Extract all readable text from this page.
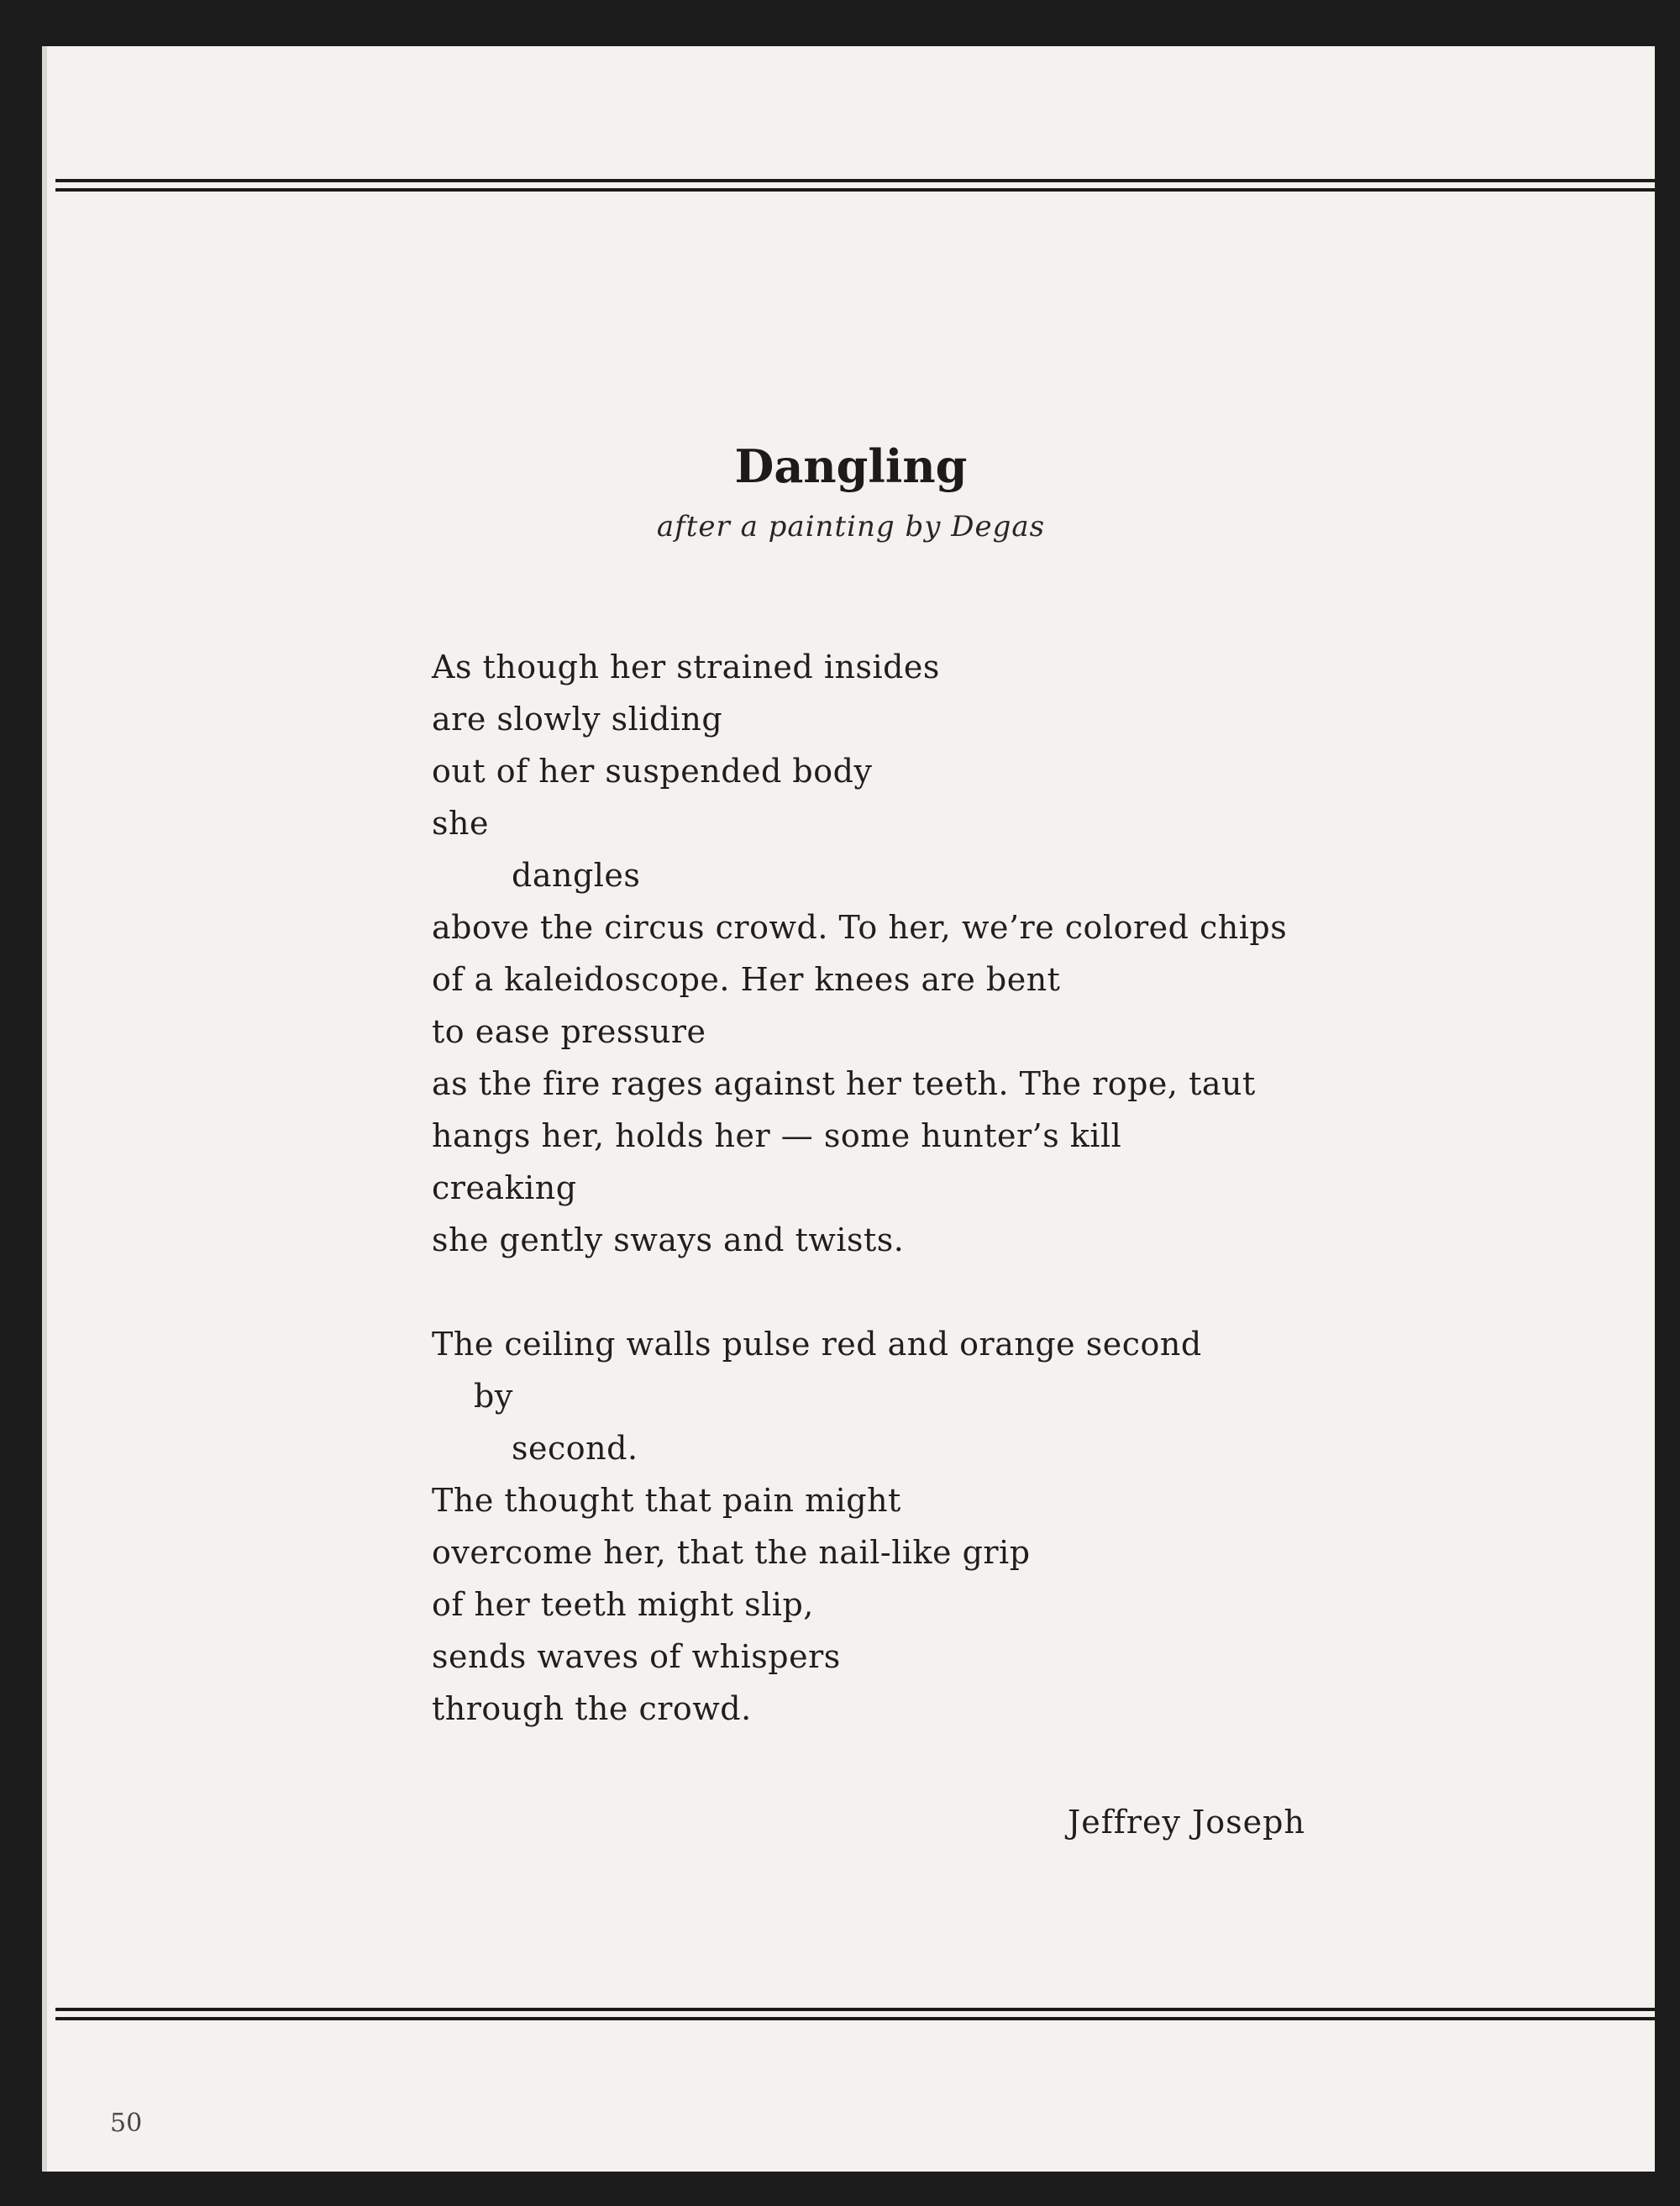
Dangling
after a painting by Degas
As though her strained insides
are slowly sliding
out of her suspended body
she
dangles
above the circus crowd. To her, we’re colored chips
of a kaleidoscope. Her knees are bent
to ease pressure
as the fire rages against her teeth. The rope, taut
hangs her, holds her — some hunter’s kill
creaking
she gently sways and twists.
The ceiling walls pulse red and orange second
by
second.
The thought that pain might
overcome her, that the nail-like grip
of her teeth might slip,
sends waves of whispers
through the crowd.
Jeffrey Joseph
50
